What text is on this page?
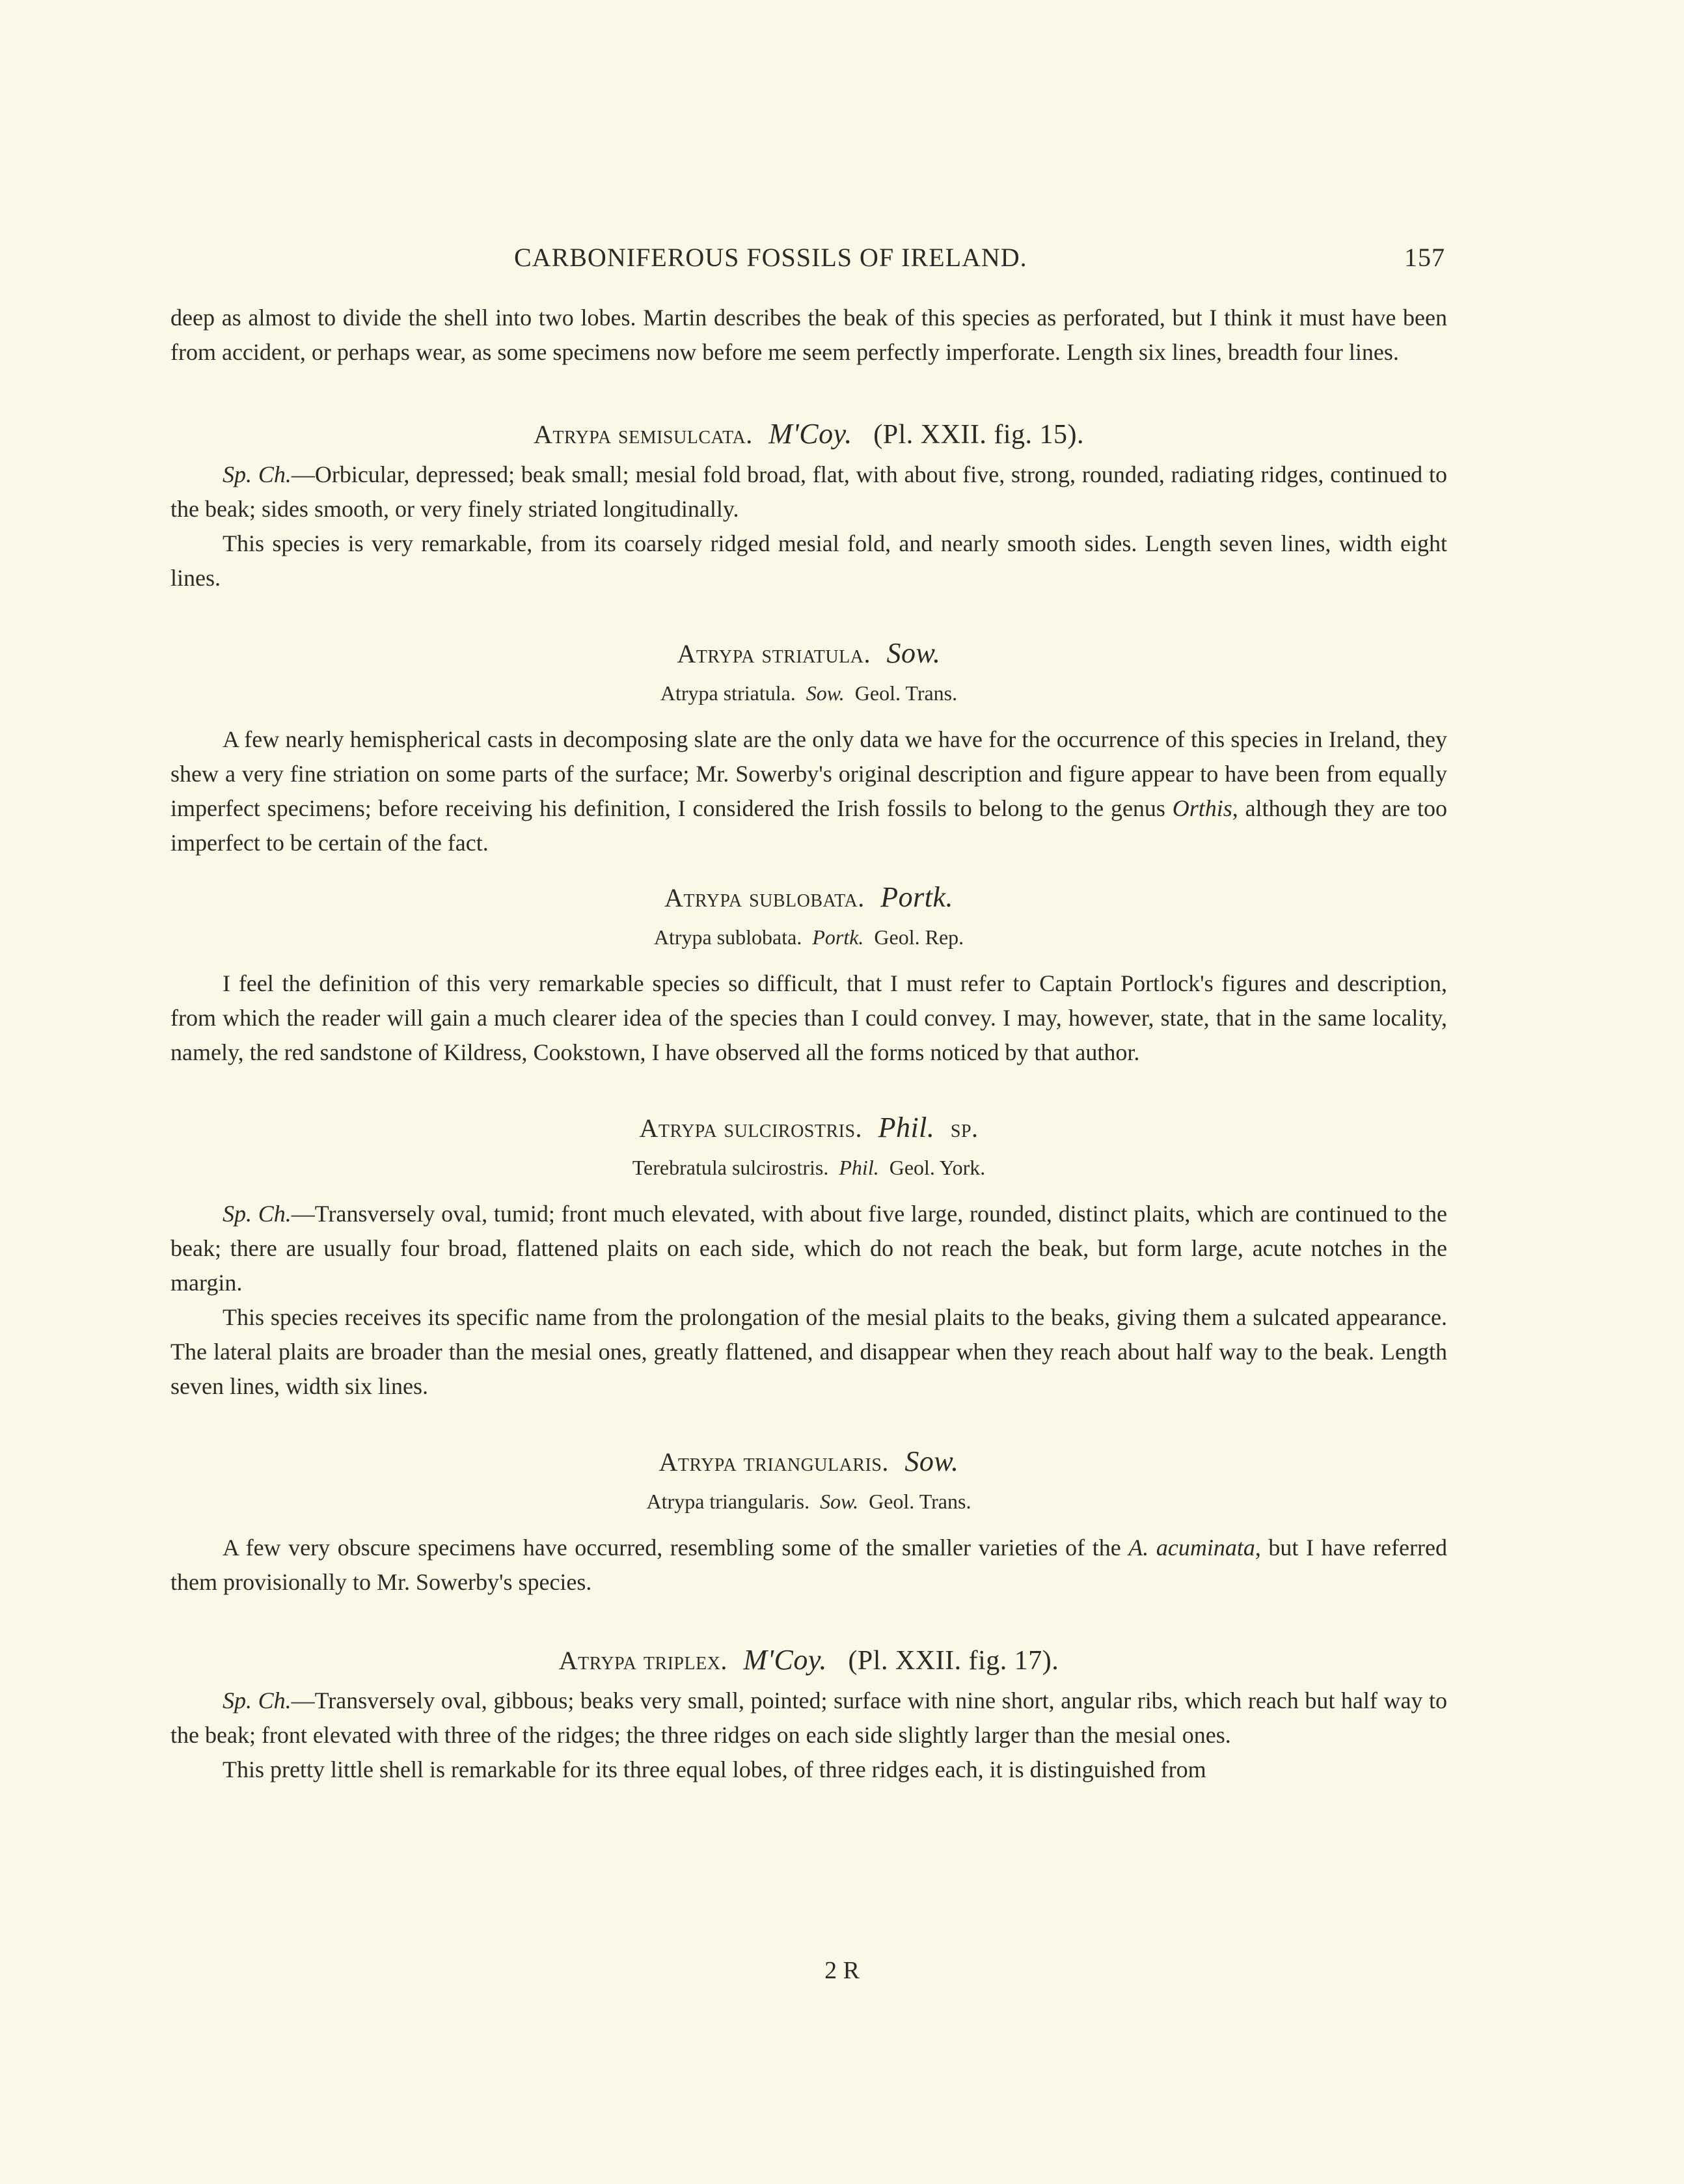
CARBONIFEROUS FOSSILS OF IRELAND.	157

deep as almost to divide the shell into two lobes. Martin describes the beak of this species as perforated, but I think it must have been from accident, or perhaps wear, as some specimens now before me seem perfectly imperforate. Length six lines, breadth four lines.

Atrypa semisulcata. M'Coy. (Pl. XXII. fig. 15).

Sp. Ch.—Orbicular, depressed; beak small; mesial fold broad, flat, with about five, strong, rounded, radiating ridges, continued to the beak; sides smooth, or very finely striated longitudinally.

This species is very remarkable, from its coarsely ridged mesial fold, and nearly smooth sides. Length seven lines, width eight lines.

Atrypa striatula. Sow.
Atrypa striatula. Sow. Geol. Trans.

A few nearly hemispherical casts in decomposing slate are the only data we have for the occurrence of this species in Ireland, they shew a very fine striation on some parts of the surface; Mr. Sowerby's original description and figure appear to have been from equally imperfect specimens; before receiving his definition, I considered the Irish fossils to belong to the genus Orthis, although they are too imperfect to be certain of the fact.

Atrypa sublobata. Portk.
Atrypa sublobata. Portk. Geol. Rep.

I feel the definition of this very remarkable species so difficult, that I must refer to Captain Portlock's figures and description, from which the reader will gain a much clearer idea of the species than I could convey. I may, however, state, that in the same locality, namely, the red sandstone of Kildress, Cookstown, I have observed all the forms noticed by that author.

Atrypa sulcirostris. Phil. sp.
Terebratula sulcirostris. Phil. Geol. York.

Sp. Ch.—Transversely oval, tumid; front much elevated, with about five large, rounded, distinct plaits, which are continued to the beak; there are usually four broad, flattened plaits on each side, which do not reach the beak, but form large, acute notches in the margin.

This species receives its specific name from the prolongation of the mesial plaits to the beaks, giving them a sulcated appearance. The lateral plaits are broader than the mesial ones, greatly flattened, and disappear when they reach about half way to the beak. Length seven lines, width six lines.

Atrypa triangularis. Sow.
Atrypa triangularis. Sow. Geol. Trans.

A few very obscure specimens have occurred, resembling some of the smaller varieties of the A. acuminata, but I have referred them provisionally to Mr. Sowerby's species.

Atrypa triplex. M'Coy. (Pl. XXII. fig. 17).

Sp. Ch.—Transversely oval, gibbous; beaks very small, pointed; surface with nine short, angular ribs, which reach but half way to the beak; front elevated with three of the ridges; the three ridges on each side slightly larger than the mesial ones.

This pretty little shell is remarkable for its three equal lobes, of three ridges each, it is distinguished from

2 R
